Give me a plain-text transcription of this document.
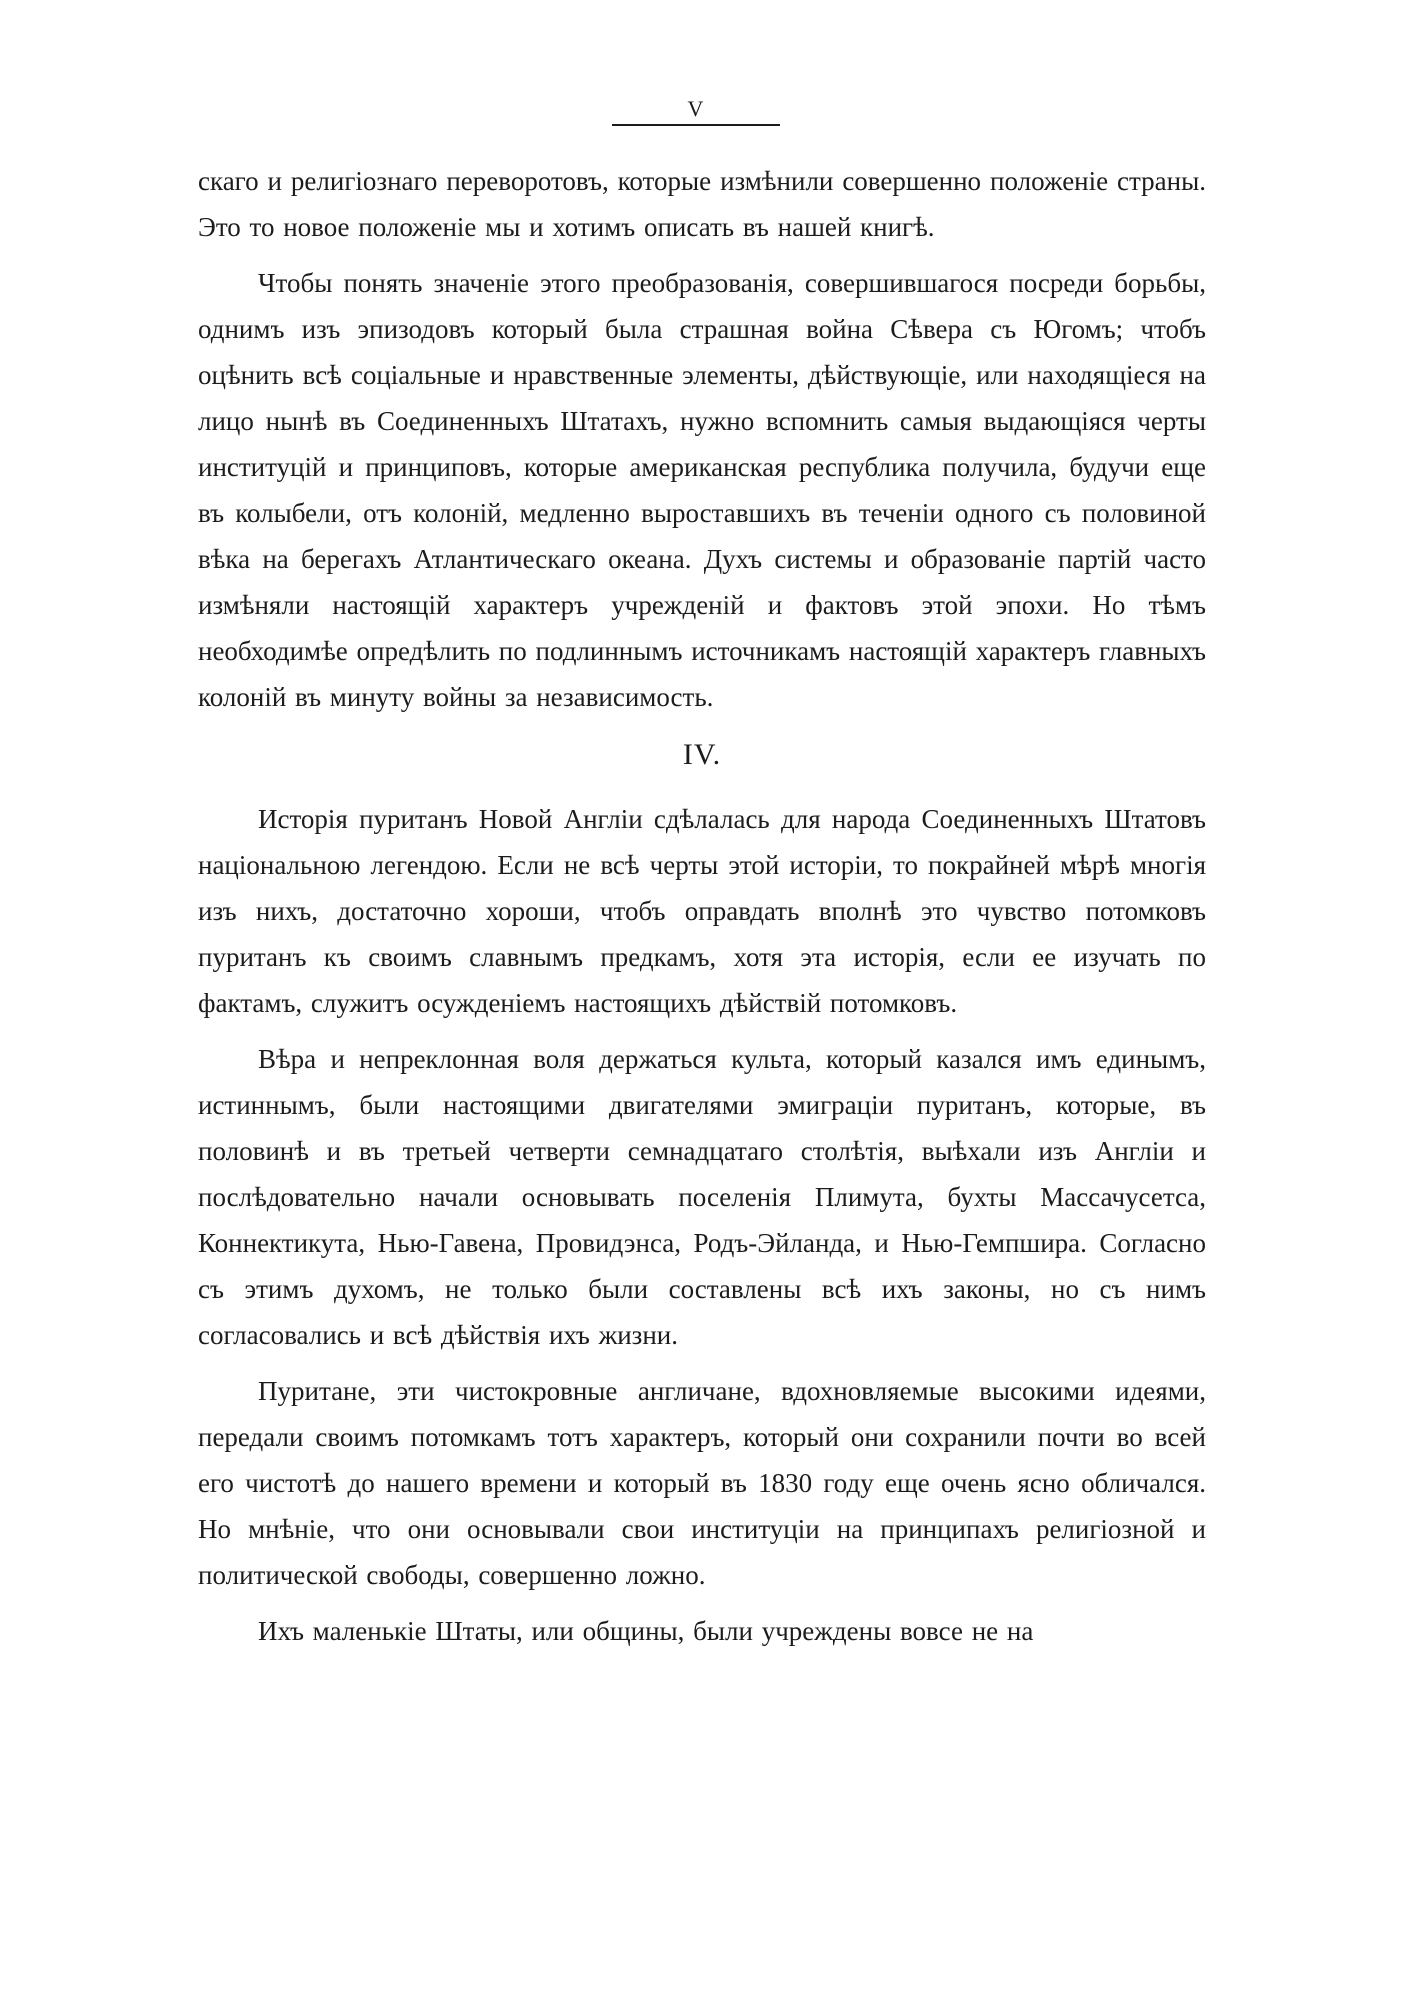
V

скаго и религіознаго переворотовъ, которые измѣнили совершенно положеніе страны. Это то новое положеніе мы и хотимъ описать въ нашей книгѣ.

Чтобы понять значеніе этого преобразованія, совершившагося посреди борьбы, однимъ изъ эпизодовъ который была страшная война Сѣвера съ Югомъ; чтобъ оцѣнить всѣ соціальные и нравственные элементы, дѣйствующіе, или находящіеся на лицо нынѣ въ Соединенныхъ Штатахъ, нужно вспомнить самыя выдающіяся черты институцій и принциповъ, которые американская республика получила, будучи еще въ колыбели, отъ колоній, медленно выроставшихъ въ теченіи одного съ половиной вѣка на берегахъ Атлантическаго океана. Духъ системы и образованіе партій часто измѣняли настоящій характеръ учрежденій и фактовъ этой эпохи. Но тѣмъ необходимѣе опредѣлить по подлиннымъ источникамъ настоящій характеръ главныхъ колоній въ минуту войны за независимость.

IV.

Исторія пуританъ Новой Англіи сдѣлалась для народа Соединенныхъ Штатовъ національною легендою. Если не всѣ черты этой исторіи, то покрайней мѣрѣ многія изъ нихъ, достаточно хороши, чтобъ оправдать вполнѣ это чувство потомковъ пуританъ къ своимъ славнымъ предкамъ, хотя эта исторія, если ее изучать по фактамъ, служитъ осужденіемъ настоящихъ дѣйствій потомковъ.

Вѣра и непреклонная воля держаться культа, который казался имъ единымъ, истиннымъ, были настоящими двигателями эмиграціи пуританъ, которые, въ половинѣ и въ третьей четверти семнадцатаго столѣтія, выѣхали изъ Англіи и послѣдовательно начали основывать поселенія Плимута, бухты Массачусетса, Коннектикута, Нью-Гавена, Провидэнса, Родъ-Эйланда, и Нью-Гемпшира. Согласно съ этимъ духомъ, не только были составлены всѣ ихъ законы, но съ нимъ согласовались и всѣ дѣйствія ихъ жизни.

Пуритане, эти чистокровные англичане, вдохновляемые высокими идеями, передали своимъ потомкамъ тотъ характеръ, который они сохранили почти во всей его чистотѣ до нашего времени и который въ 1830 году еще очень ясно обличался. Но мнѣніе, что они основывали свои институціи на принципахъ религіозной и политической свободы, совершенно ложно.

Ихъ маленькіе Штаты, или общины, были учреждены вовсе не на
